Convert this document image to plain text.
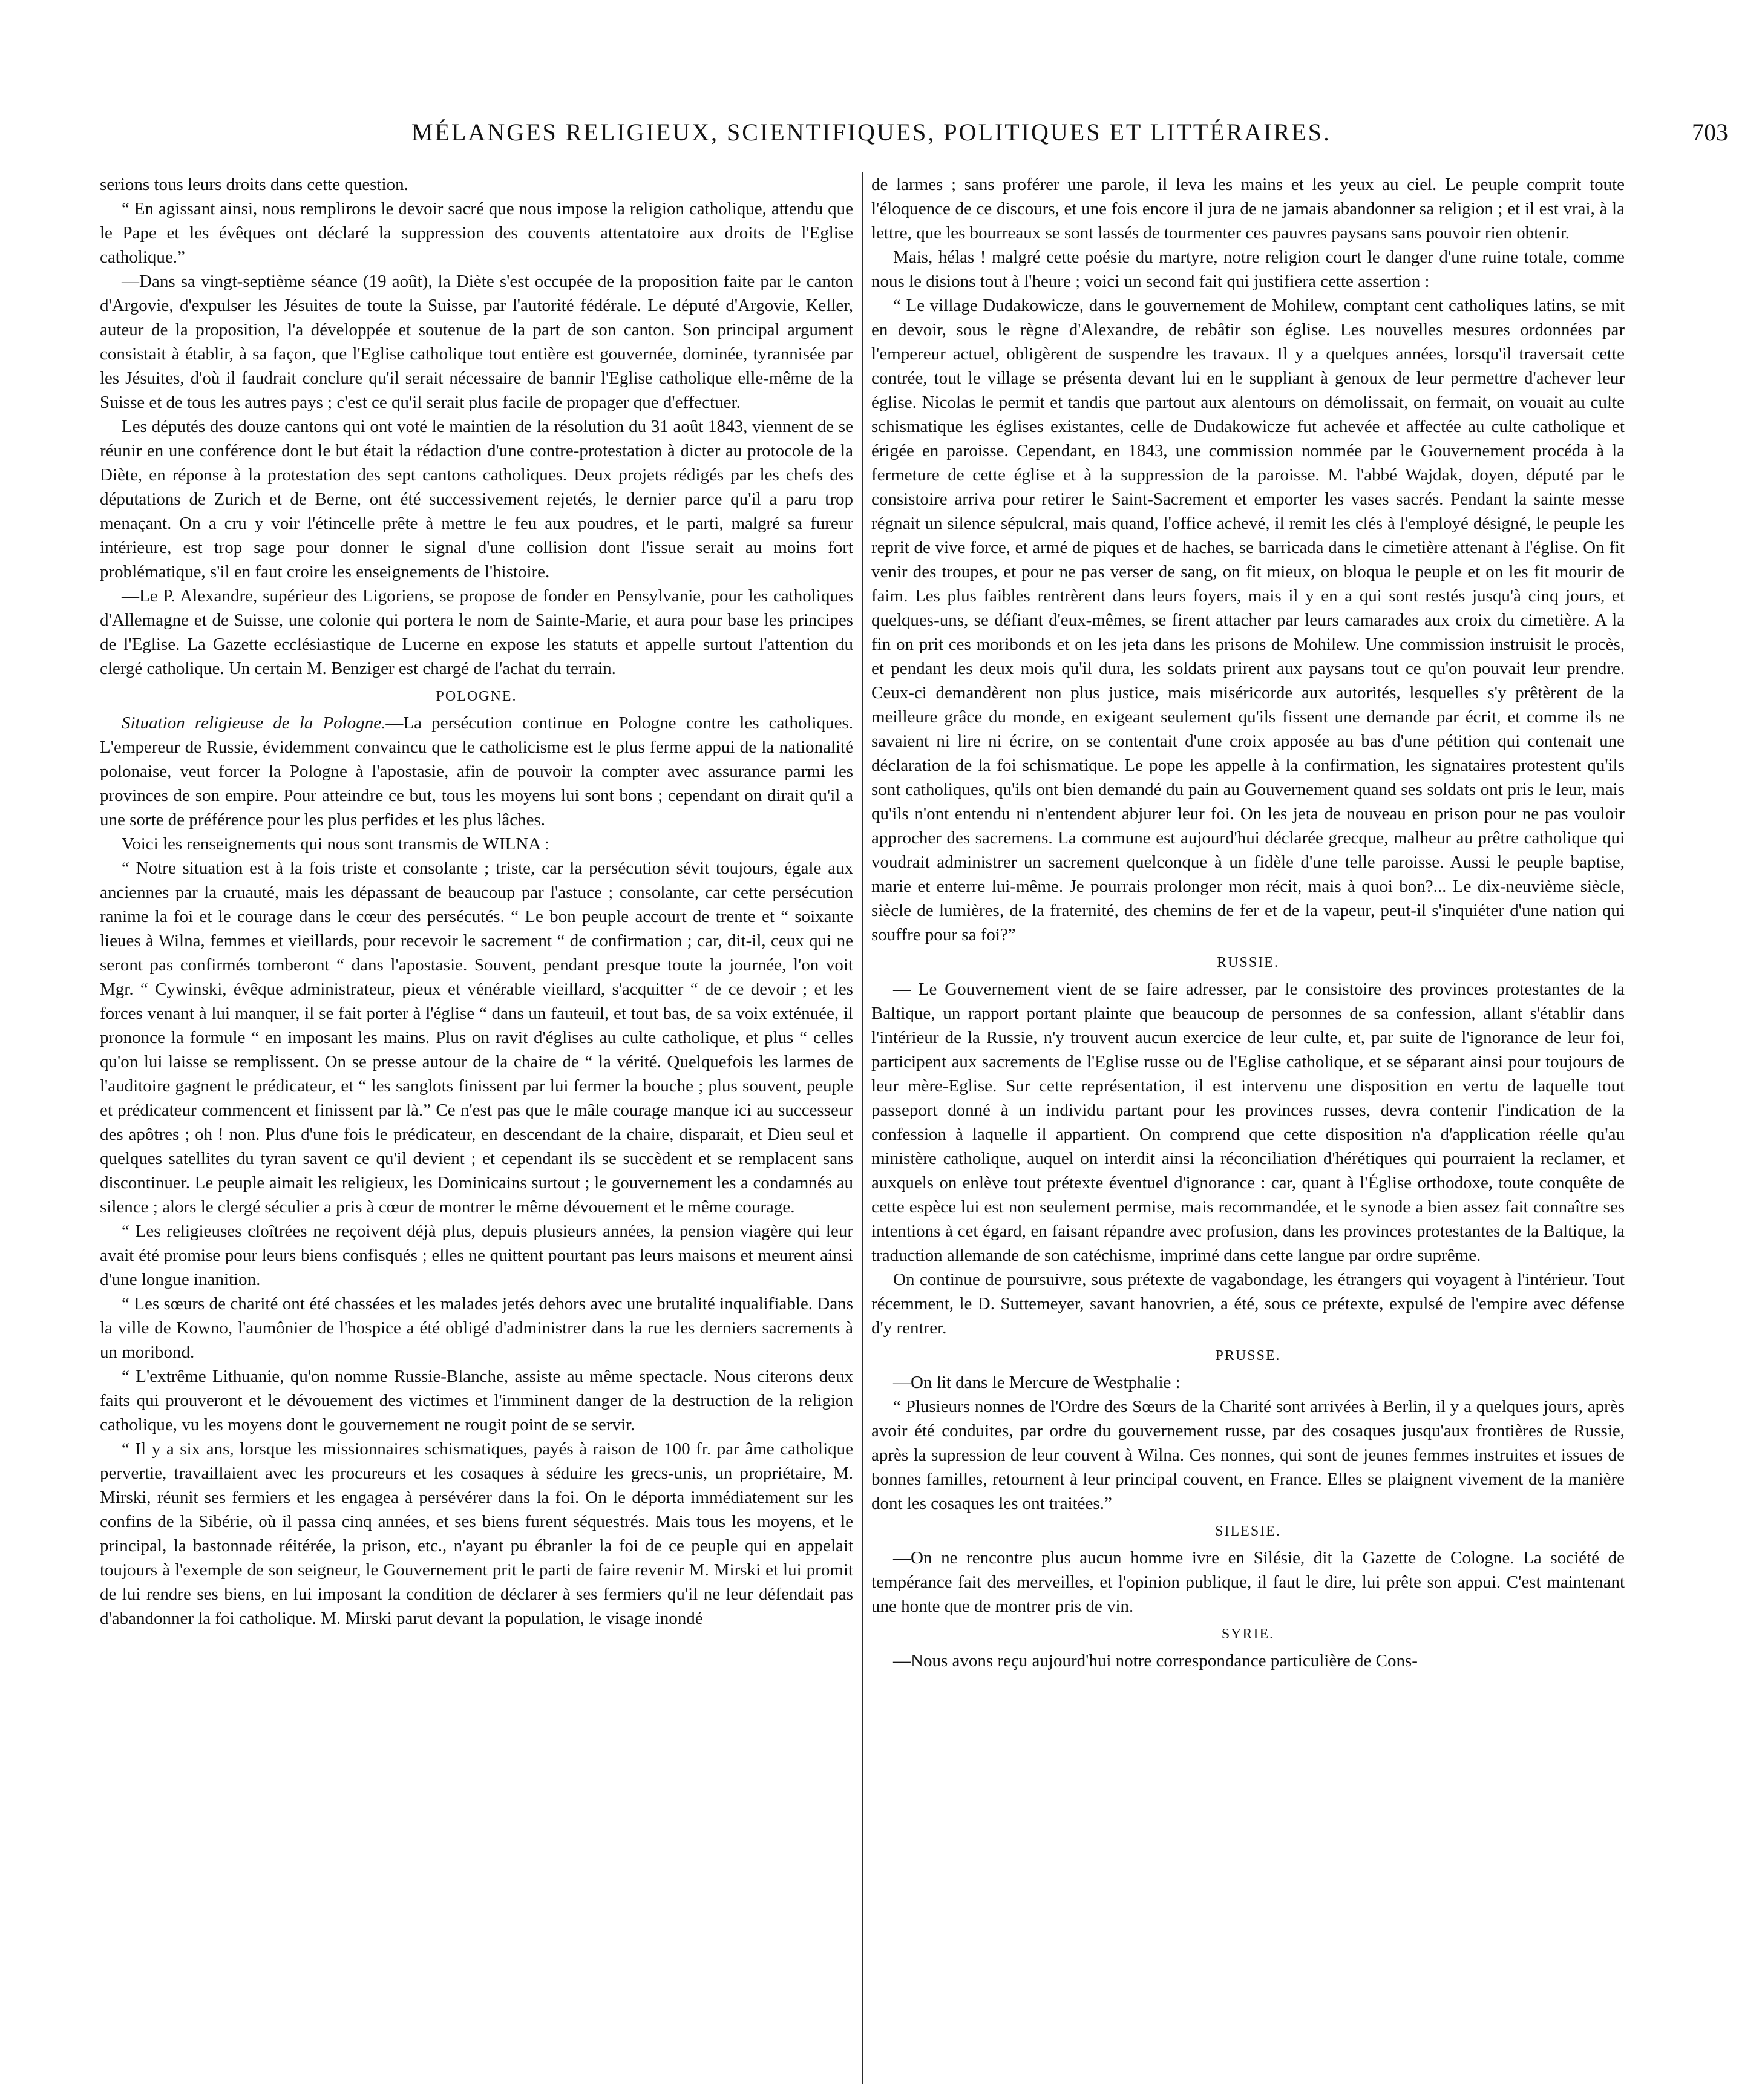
MÉLANGES RELIGIEUX, SCIENTIFIQUES, POLITIQUES ET LITTÉRAIRES.	703

serions tous leurs droits dans cette question.

“ En agissant ainsi, nous remplirons le devoir sacré que nous impose la religion catholique, attendu que le Pape et les évêques ont déclaré la suppression des couvents attentatoire aux droits de l'Eglise catholique.”

—Dans sa vingt-septième séance (19 août), la Diète s'est occupée de la proposition faite par le canton d'Argovie, d'expulser les Jésuites de toute la Suisse, par l'autorité fédérale. Le député d'Argovie, Keller, auteur de la proposition, l'a développée et soutenue de la part de son canton. Son principal argument consistait à établir, à sa façon, que l'Eglise catholique tout entière est gouvernée, dominée, tyrannisée par les Jésuites, d'où il faudrait conclure qu'il serait nécessaire de bannir l'Eglise catholique elle-même de la Suisse et de tous les autres pays ; c'est ce qu'il serait plus facile de propager que d'effectuer.

Les députés des douze cantons qui ont voté le maintien de la résolution du 31 août 1843, viennent de se réunir en une conférence dont le but était la rédaction d'une contre-protestation à dicter au protocole de la Diète, en réponse à la protestation des sept cantons catholiques. Deux projets rédigés par les chefs des députations de Zurich et de Berne, ont été successivement rejetés, le dernier parce qu'il a paru trop menaçant. On a cru y voir l'étincelle prête à mettre le feu aux poudres, et le parti, malgré sa fureur intérieure, est trop sage pour donner le signal d'une collision dont l'issue serait au moins fort problématique, s'il en faut croire les enseignements de l'histoire.

—Le P. Alexandre, supérieur des Ligoriens, se propose de fonder en Pensylvanie, pour les catholiques d'Allemagne et de Suisse, une colonie qui portera le nom de Sainte-Marie, et aura pour base les principes de l'Eglise. La Gazette ecclésiastique de Lucerne en expose les statuts et appelle surtout l'attention du clergé catholique. Un certain M. Benziger est chargé de l'achat du terrain.

POLOGNE.

Situation religieuse de la Pologne.—La persécution continue en Pologne contre les catholiques. L'empereur de Russie, évidemment convaincu que le catholicisme est le plus ferme appui de la nationalité polonaise, veut forcer la Pologne à l'apostasie, afin de pouvoir la compter avec assurance parmi les provinces de son empire. Pour atteindre ce but, tous les moyens lui sont bons ; cependant on dirait qu'il a une sorte de préférence pour les plus perfides et les plus lâches.

Voici les renseignements qui nous sont transmis de WILNA :

“ Notre situation est à la fois triste et consolante ; triste, car la persécution sévit toujours, égale aux anciennes par la cruauté, mais les dépassant de beaucoup par l'astuce ; consolante, car cette persécution ranime la foi et le courage dans le cœur des persécutés. “ Le bon peuple accourt de trente et “ soixante lieues à Wilna, femmes et vieillards, pour recevoir le sacrement “ de confirmation ; car, dit-il, ceux qui ne seront pas confirmés tomberont “ dans l'apostasie. Souvent, pendant presque toute la journée, l'on voit Mgr. “ Cywinski, évêque administrateur, pieux et vénérable vieillard, s'acquitter “ de ce devoir ; et les forces venant à lui manquer, il se fait porter à l'église “ dans un fauteuil, et tout bas, de sa voix exténuée, il prononce la formule “ en imposant les mains. Plus on ravit d'églises au culte catholique, et plus “ celles qu'on lui laisse se remplissent. On se presse autour de la chaire de “ la vérité. Quelquefois les larmes de l'auditoire gagnent le prédicateur, et “ les sanglots finissent par lui fermer la bouche ; plus souvent, peuple et prédicateur commencent et finissent par là.” Ce n'est pas que le mâle courage manque ici au successeur des apôtres ; oh ! non. Plus d'une fois le prédicateur, en descendant de la chaire, disparait, et Dieu seul et quelques satellites du tyran savent ce qu'il devient ; et cependant ils se succèdent et se remplacent sans discontinuer. Le peuple aimait les religieux, les Dominicains surtout ; le gouvernement les a condamnés au silence ; alors le clergé séculier a pris à cœur de montrer le même dévouement et le même courage.

“ Les religieuses cloîtrées ne reçoivent déjà plus, depuis plusieurs années, la pension viagère qui leur avait été promise pour leurs biens confisqués ; elles ne quittent pourtant pas leurs maisons et meurent ainsi d'une longue inanition.

“ Les sœurs de charité ont été chassées et les malades jetés dehors avec une brutalité inqualifiable. Dans la ville de Kowno, l'aumônier de l'hospice a été obligé d'administrer dans la rue les derniers sacrements à un moribond.

“ L'extrême Lithuanie, qu'on nomme Russie-Blanche, assiste au même spectacle. Nous citerons deux faits qui prouveront et le dévouement des victimes et l'imminent danger de la destruction de la religion catholique, vu les moyens dont le gouvernement ne rougit point de se servir.

“ Il y a six ans, lorsque les missionnaires schismatiques, payés à raison de 100 fr. par âme catholique pervertie, travaillaient avec les procureurs et les cosaques à séduire les grecs-unis, un propriétaire, M. Mirski, réunit ses fermiers et les engagea à persévérer dans la foi. On le déporta immédiatement sur les confins de la Sibérie, où il passa cinq années, et ses biens furent séquestrés. Mais tous les moyens, et le principal, la bastonnade réitérée, la prison, etc., n'ayant pu ébranler la foi de ce peuple qui en appelait toujours à l'exemple de son seigneur, le Gouvernement prit le parti de faire revenir M. Mirski et lui promit de lui rendre ses biens, en lui imposant la condition de déclarer à ses fermiers qu'il ne leur défendait pas d'abandonner la foi catholique. M. Mirski parut devant la population, le visage inondé

de larmes ; sans proférer une parole, il leva les mains et les yeux au ciel. Le peuple comprit toute l'éloquence de ce discours, et une fois encore il jura de ne jamais abandonner sa religion ; et il est vrai, à la lettre, que les bourreaux se sont lassés de tourmenter ces pauvres paysans sans pouvoir rien obtenir.

Mais, hélas ! malgré cette poésie du martyre, notre religion court le danger d'une ruine totale, comme nous le disions tout à l'heure ; voici un second fait qui justifiera cette assertion :

“ Le village Dudakowicze, dans le gouvernement de Mohilew, comptant cent catholiques latins, se mit en devoir, sous le règne d'Alexandre, de rebâtir son église. Les nouvelles mesures ordonnées par l'empereur actuel, obligèrent de suspendre les travaux. Il y a quelques années, lorsqu'il traversait cette contrée, tout le village se présenta devant lui en le suppliant à genoux de leur permettre d'achever leur église. Nicolas le permit et tandis que partout aux alentours on démolissait, on fermait, on vouait au culte schismatique les églises existantes, celle de Dudakowicze fut achevée et affectée au culte catholique et érigée en paroisse. Cependant, en 1843, une commission nommée par le Gouvernement procéda à la fermeture de cette église et à la suppression de la paroisse. M. l'abbé Wajdak, doyen, député par le consistoire arriva pour retirer le Saint-Sacrement et emporter les vases sacrés. Pendant la sainte messe régnait un silence sépulcral, mais quand, l'office achevé, il remit les clés à l'employé désigné, le peuple les reprit de vive force, et armé de piques et de haches, se barricada dans le cimetière attenant à l'église. On fit venir des troupes, et pour ne pas verser de sang, on fit mieux, on bloqua le peuple et on les fit mourir de faim. Les plus faibles rentrèrent dans leurs foyers, mais il y en a qui sont restés jusqu'à cinq jours, et quelques-uns, se défiant d'eux-mêmes, se firent attacher par leurs camarades aux croix du cimetière. A la fin on prit ces moribonds et on les jeta dans les prisons de Mohilew. Une commission instruisit le procès, et pendant les deux mois qu'il dura, les soldats prirent aux paysans tout ce qu'on pouvait leur prendre. Ceux-ci demandèrent non plus justice, mais miséricorde aux autorités, lesquelles s'y prêtèrent de la meilleure grâce du monde, en exigeant seulement qu'ils fissent une demande par écrit, et comme ils ne savaient ni lire ni écrire, on se contentait d'une croix apposée au bas d'une pétition qui contenait une déclaration de la foi schismatique. Le pope les appelle à la confirmation, les signataires protestent qu'ils sont catholiques, qu'ils ont bien demandé du pain au Gouvernement quand ses soldats ont pris le leur, mais qu'ils n'ont entendu ni n'entendent abjurer leur foi. On les jeta de nouveau en prison pour ne pas vouloir approcher des sacremens. La commune est aujourd'hui déclarée grecque, malheur au prêtre catholique qui voudrait administrer un sacrement quelconque à un fidèle d'une telle paroisse. Aussi le peuple baptise, marie et enterre lui-même. Je pourrais prolonger mon récit, mais à quoi bon?... Le dix-neuvième siècle, siècle de lumières, de la fraternité, des chemins de fer et de la vapeur, peut-il s'inquiéter d'une nation qui souffre pour sa foi?”

RUSSIE.

— Le Gouvernement vient de se faire adresser, par le consistoire des provinces protestantes de la Baltique, un rapport portant plainte que beaucoup de personnes de sa confession, allant s'établir dans l'intérieur de la Russie, n'y trouvent aucun exercice de leur culte, et, par suite de l'ignorance de leur foi, participent aux sacrements de l'Eglise russe ou de l'Eglise catholique, et se séparant ainsi pour toujours de leur mère-Eglise. Sur cette représentation, il est intervenu une disposition en vertu de laquelle tout passeport donné à un individu partant pour les provinces russes, devra contenir l'indication de la confession à laquelle il appartient. On comprend que cette disposition n'a d'application réelle qu'au ministère catholique, auquel on interdit ainsi la réconciliation d'hérétiques qui pourraient la reclamer, et auxquels on enlève tout prétexte éventuel d'ignorance : car, quant à l'Église orthodoxe, toute conquête de cette espèce lui est non seulement permise, mais recommandée, et le synode a bien assez fait connaître ses intentions à cet égard, en faisant répandre avec profusion, dans les provinces protestantes de la Baltique, la traduction allemande de son catéchisme, imprimé dans cette langue par ordre suprême.

On continue de poursuivre, sous prétexte de vagabondage, les étrangers qui voyagent à l'intérieur. Tout récemment, le D. Suttemeyer, savant hanovrien, a été, sous ce prétexte, expulsé de l'empire avec défense d'y rentrer.

PRUSSE.

—On lit dans le Mercure de Westphalie :

“ Plusieurs nonnes de l'Ordre des Sœurs de la Charité sont arrivées à Berlin, il y a quelques jours, après avoir été conduites, par ordre du gouvernement russe, par des cosaques jusqu'aux frontières de Russie, après la supression de leur couvent à Wilna. Ces nonnes, qui sont de jeunes femmes instruites et issues de bonnes familles, retournent à leur principal couvent, en France. Elles se plaignent vivement de la manière dont les cosaques les ont traitées.”

SILESIE.

—On ne rencontre plus aucun homme ivre en Silésie, dit la Gazette de Cologne. La société de tempérance fait des merveilles, et l'opinion publique, il faut le dire, lui prête son appui. C'est maintenant une honte que de montrer pris de vin.

SYRIE.

—Nous avons reçu aujourd'hui notre correspondance particulière de Cons-
